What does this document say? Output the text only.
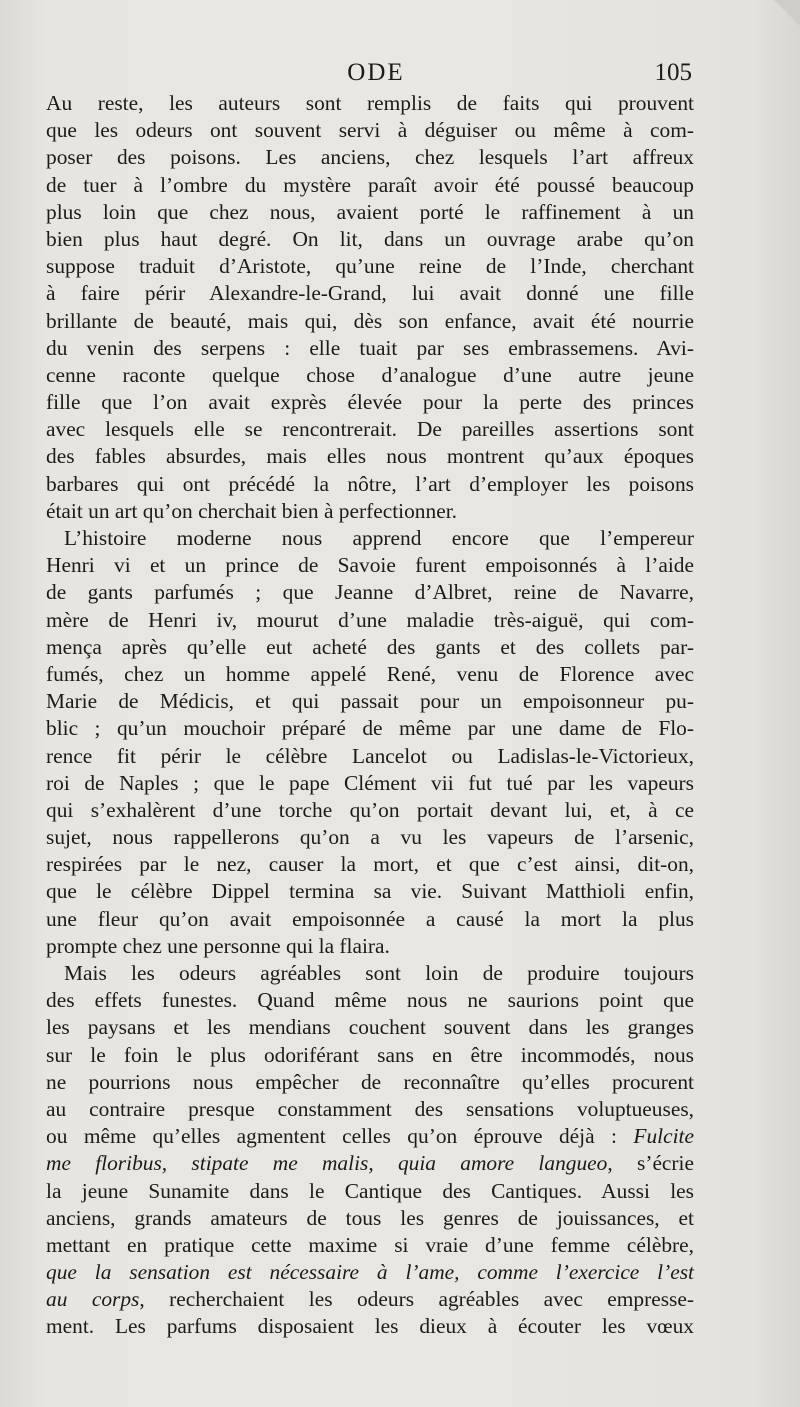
ODE	105
Au reste, les auteurs sont remplis de faits qui prouvent
que les odeurs ont souvent servi à déguiser ou même à com-
poser des poisons. Les anciens, chez lesquels l’art affreux
de tuer à l’ombre du mystère paraît avoir été poussé beaucoup
plus loin que chez nous, avaient porté le raffinement à un
bien plus haut degré. On lit, dans un ouvrage arabe qu’on
suppose traduit d’Aristote, qu’une reine de l’Inde, cherchant
à faire périr Alexandre-le-Grand, lui avait donné une fille
brillante de beauté, mais qui, dès son enfance, avait été nourrie
du venin des serpens : elle tuait par ses embrassemens. Avi-
cenne raconte quelque chose d’analogue d’une autre jeune
fille que l’on avait exprès élevée pour la perte des princes
avec lesquels elle se rencontrerait. De pareilles assertions sont
des fables absurdes, mais elles nous montrent qu’aux époques
barbares qui ont précédé la nôtre, l’art d’employer les poisons
était un art qu’on cherchait bien à perfectionner.
L’histoire moderne nous apprend encore que l’empereur
Henri vi et un prince de Savoie furent empoisonnés à l’aide
de gants parfumés ; que Jeanne d’Albret, reine de Navarre,
mère de Henri iv, mourut d’une maladie très-aiguë, qui com-
mença après qu’elle eut acheté des gants et des collets par-
fumés, chez un homme appelé René, venu de Florence avec
Marie de Médicis, et qui passait pour un empoisonneur pu-
blic ; qu’un mouchoir préparé de même par une dame de Flo-
rence fit périr le célèbre Lancelot ou Ladislas-le-Victorieux,
roi de Naples ; que le pape Clément vii fut tué par les vapeurs
qui s’exhalèrent d’une torche qu’on portait devant lui, et, à ce
sujet, nous rappellerons qu’on a vu les vapeurs de l’arsenic,
respirées par le nez, causer la mort, et que c’est ainsi, dit-on,
que le célèbre Dippel termina sa vie. Suivant Matthioli enfin,
une fleur qu’on avait empoisonnée a causé la mort la plus
prompte chez une personne qui la flaira.
Mais les odeurs agréables sont loin de produire toujours
des effets funestes. Quand même nous ne saurions point que
les paysans et les mendians couchent souvent dans les granges
sur le foin le plus odoriférant sans en être incommodés, nous
ne pourrions nous empêcher de reconnaître qu’elles procurent
au contraire presque constamment des sensations voluptueuses,
ou même qu’elles agmentent celles qu’on éprouve déjà : Fulcite
me floribus, stipate me malis, quia amore langueo, s’écrie
la jeune Sunamite dans le Cantique des Cantiques. Aussi les
anciens, grands amateurs de tous les genres de jouissances, et
mettant en pratique cette maxime si vraie d’une femme célèbre,
que la sensation est nécessaire à l’ame, comme l’exercice l’est
au corps, recherchaient les odeurs agréables avec empresse-
ment. Les parfums disposaient les dieux à écouter les vœux
